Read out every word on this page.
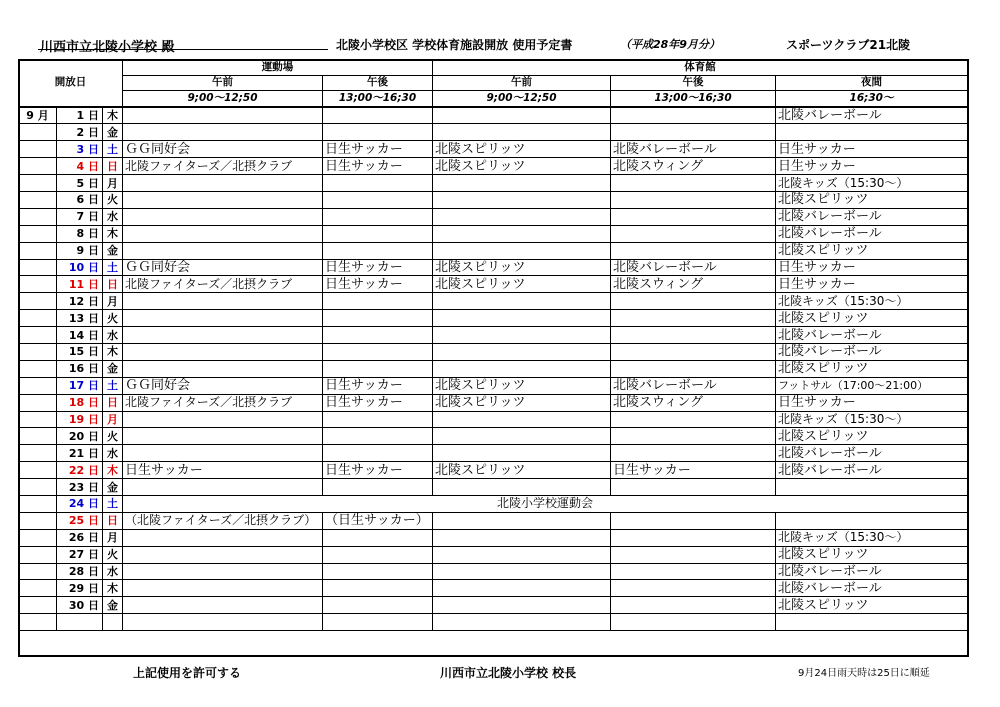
川西市立北陵小学校 殿	北陵小学校区 学校体育施設開放 使用予定書	（平成28年9月分）	スポーツクラブ21北陵
開放日			運動場		体育館		
			午前	午後	午前	午後	夜間
			9;00～12;50	13;00～16;30	9;00～12;50	13;00～16;30	16;30～
9 月	1 日	木					北陵バレーボール
	2 日	金					
	3 日	土	ＧＧ同好会	日生サッカー	北陵スピリッツ	北陵バレーボール	日生サッカー
	4 日	日	北陵ファイターズ／北摂クラブ	日生サッカー	北陵スピリッツ	北陵スウィング	日生サッカー
	5 日	月					北陵キッズ（15:30～）
	6 日	火					北陵スピリッツ
	7 日	水					北陵バレーボール
	8 日	木					北陵バレーボール
	9 日	金					北陵スピリッツ
	10 日	土	ＧＧ同好会	日生サッカー	北陵スピリッツ	北陵バレーボール	日生サッカー
	11 日	日	北陵ファイターズ／北摂クラブ	日生サッカー	北陵スピリッツ	北陵スウィング	日生サッカー
	12 日	月					北陵キッズ（15:30～）
	13 日	火					北陵スピリッツ
	14 日	水					北陵バレーボール
	15 日	木					北陵バレーボール
	16 日	金					北陵スピリッツ
	17 日	土	ＧＧ同好会	日生サッカー	北陵スピリッツ	北陵バレーボール	フットサル（17:00～21:00）
	18 日	日	北陵ファイターズ／北摂クラブ	日生サッカー	北陵スピリッツ	北陵スウィング	日生サッカー
	19 日	月					北陵キッズ（15:30～）
	20 日	火					北陵スピリッツ
	21 日	水					北陵バレーボール
	22 日	木	日生サッカー	日生サッカー	北陵スピリッツ	日生サッカー	北陵バレーボール
	23 日	金					
	24 日	土	北陵小学校運動会				
	25 日	日	（北陵ファイターズ／北摂クラブ）	（日生サッカー）			
	26 日	月					北陵キッズ（15:30～）
	27 日	火					北陵スピリッツ
	28 日	水					北陵バレーボール
	29 日	木					北陵バレーボール
	30 日	金					北陵スピリッツ

上記使用を許可する	川西市立北陵小学校 校長	9月24日雨天時は25日に順延
